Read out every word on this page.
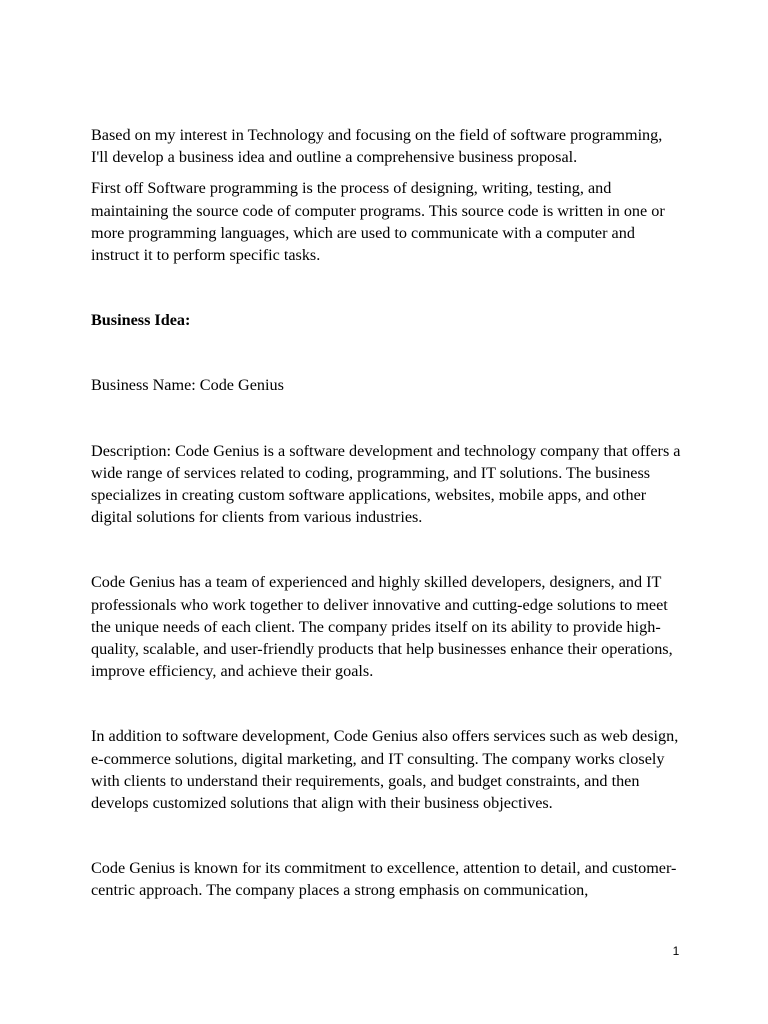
Based on my interest in Technology and focusing on the field of software programming, I'll develop a business idea and outline a comprehensive business proposal.

First off Software programming is the process of designing, writing, testing, and maintaining the source code of computer programs. This source code is written in one or more programming languages, which are used to communicate with a computer and instruct it to perform specific tasks.

Business Idea:

Business Name: Code Genius

Description: Code Genius is a software development and technology company that offers a wide range of services related to coding, programming, and IT solutions. The business specializes in creating custom software applications, websites, mobile apps, and other digital solutions for clients from various industries.

Code Genius has a team of experienced and highly skilled developers, designers, and IT professionals who work together to deliver innovative and cutting-edge solutions to meet the unique needs of each client. The company prides itself on its ability to provide high-quality, scalable, and user-friendly products that help businesses enhance their operations, improve efficiency, and achieve their goals.

In addition to software development, Code Genius also offers services such as web design, e-commerce solutions, digital marketing, and IT consulting. The company works closely with clients to understand their requirements, goals, and budget constraints, and then develops customized solutions that align with their business objectives.

Code Genius is known for its commitment to excellence, attention to detail, and customer-centric approach. The company places a strong emphasis on communication,

1
